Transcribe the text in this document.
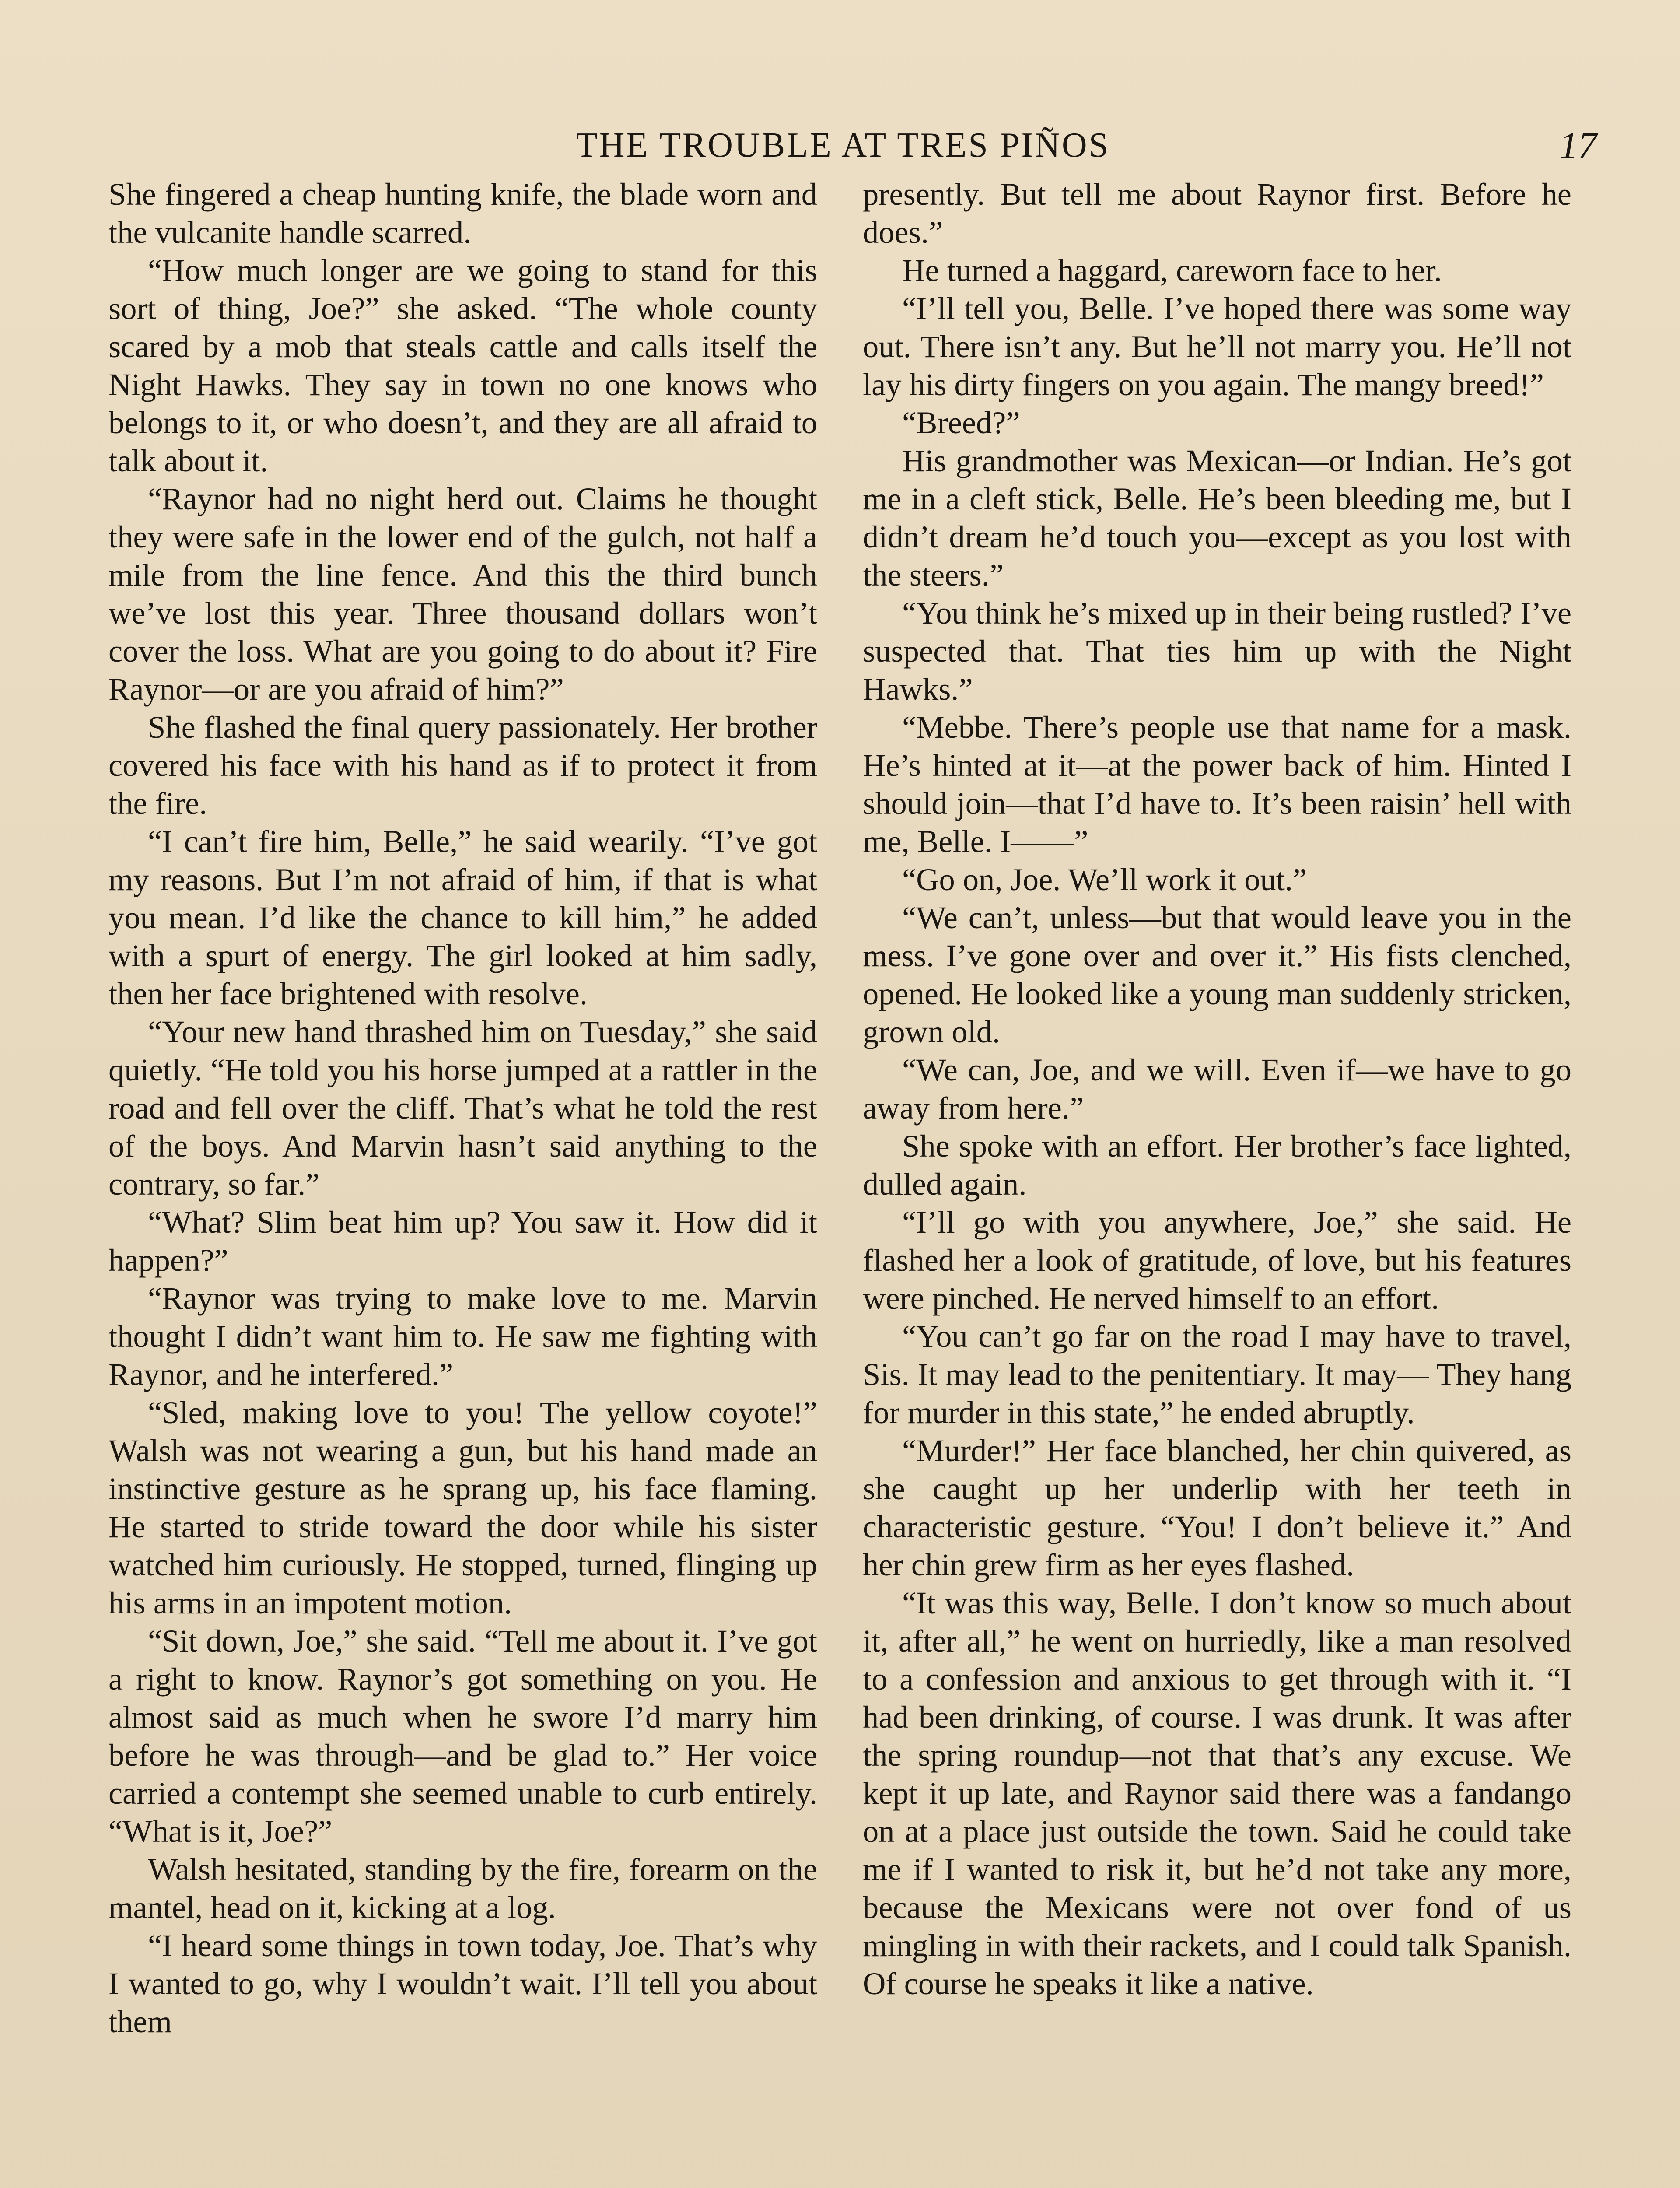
THE TROUBLE AT TRES PIÑOS	17

She fingered a cheap hunting knife, the blade worn and the vulcanite handle scarred.

“How much longer are we going to stand for this sort of thing, Joe?” she asked. “The whole county scared by a mob that steals cattle and calls itself the Night Hawks. They say in town no one knows who belongs to it, or who doesn’t, and they are all afraid to talk about it.

“Raynor had no night herd out. Claims he thought they were safe in the lower end of the gulch, not half a mile from the line fence. And this the third bunch we’ve lost this year. Three thousand dollars won’t cover the loss. What are you going to do about it? Fire Raynor—or are you afraid of him?”

She flashed the final query passionately. Her brother covered his face with his hand as if to protect it from the fire.

“I can’t fire him, Belle,” he said wearily. “I’ve got my reasons. But I’m not afraid of him, if that is what you mean. I’d like the chance to kill him,” he added with a spurt of energy. The girl looked at him sadly, then her face brightened with resolve.

“Your new hand thrashed him on Tuesday,” she said quietly. “He told you his horse jumped at a rattler in the road and fell over the cliff. That’s what he told the rest of the boys. And Marvin hasn’t said anything to the contrary, so far.”

“What? Slim beat him up? You saw it. How did it happen?”

“Raynor was trying to make love to me. Marvin thought I didn’t want him to. He saw me fighting with Raynor, and he interfered.”

“Sled, making love to you! The yellow coyote!” Walsh was not wearing a gun, but his hand made an instinctive gesture as he sprang up, his face flaming. He started to stride toward the door while his sister watched him curiously. He stopped, turned, flinging up his arms in an impotent motion.

“Sit down, Joe,” she said. “Tell me about it. I’ve got a right to know. Raynor’s got something on you. He almost said as much when he swore I’d marry him before he was through—and be glad to.” Her voice carried a contempt she seemed unable to curb entirely. “What is it, Joe?”

Walsh hesitated, standing by the fire, forearm on the mantel, head on it, kicking at a log.

“I heard some things in town today, Joe. That’s why I wanted to go, why I wouldn’t wait. I’ll tell you about them

presently. But tell me about Raynor first. Before he does.”

He turned a haggard, careworn face to her.

“I’ll tell you, Belle. I’ve hoped there was some way out. There isn’t any. But he’ll not marry you. He’ll not lay his dirty fingers on you again. The mangy breed!”

“Breed?”

His grandmother was Mexican—or Indian. He’s got me in a cleft stick, Belle. He’s been bleeding me, but I didn’t dream he’d touch you—except as you lost with the steers.”

“You think he’s mixed up in their being rustled? I’ve suspected that. That ties him up with the Night Hawks.”

“Mebbe. There’s people use that name for a mask. He’s hinted at it—at the power back of him. Hinted I should join—that I’d have to. It’s been raisin’ hell with me, Belle. I——”

“Go on, Joe. We’ll work it out.”

“We can’t, unless—but that would leave you in the mess. I’ve gone over and over it.” His fists clenched, opened. He looked like a young man suddenly stricken, grown old.

“We can, Joe, and we will. Even if—we have to go away from here.”

She spoke with an effort. Her brother’s face lighted, dulled again.

“I’ll go with you anywhere, Joe,” she said. He flashed her a look of gratitude, of love, but his features were pinched. He nerved himself to an effort.

“You can’t go far on the road I may have to travel, Sis. It may lead to the penitentiary. It may— They hang for murder in this state,” he ended abruptly.

“Murder!” Her face blanched, her chin quivered, as she caught up her underlip with her teeth in characteristic gesture. “You! I don’t believe it.” And her chin grew firm as her eyes flashed.

“It was this way, Belle. I don’t know so much about it, after all,” he went on hurriedly, like a man resolved to a confession and anxious to get through with it. “I had been drinking, of course. I was drunk. It was after the spring roundup—not that that’s any excuse. We kept it up late, and Raynor said there was a fandango on at a place just outside the town. Said he could take me if I wanted to risk it, but he’d not take any more, because the Mexicans were not over fond of us mingling in with their rackets, and I could talk Spanish. Of course he speaks it like a native.
